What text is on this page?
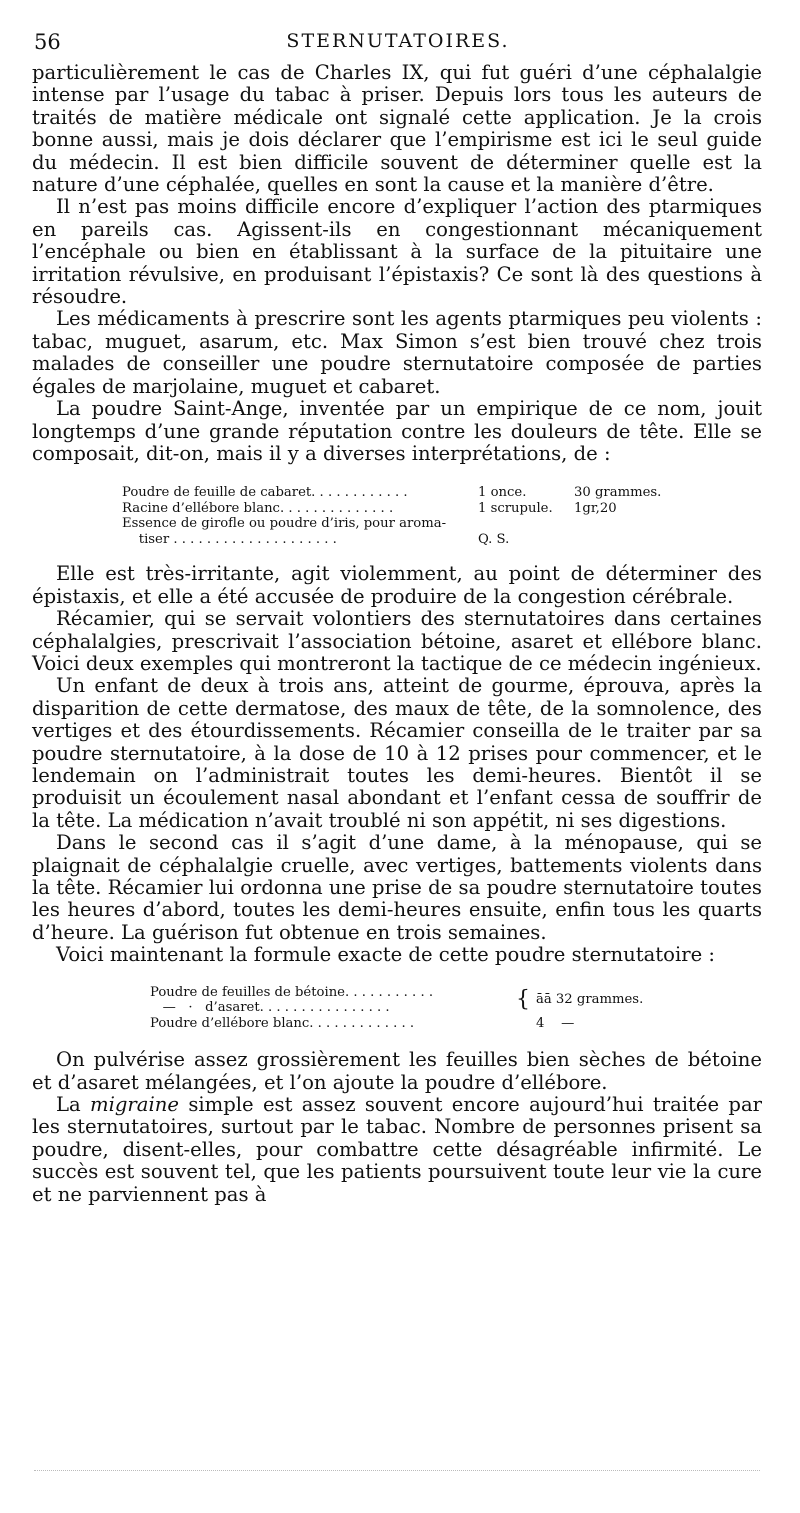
56	STERNUTATOIRES.

particulièrement le cas de Charles IX, qui fut guéri d’une céphalalgie intense par l’usage du tabac à priser. Depuis lors tous les auteurs de traités de matière médicale ont signalé cette application. Je la crois bonne aussi, mais je dois déclarer que l’empirisme est ici le seul guide du médecin. Il est bien difficile souvent de déterminer quelle est la nature d’une céphalée, quelles en sont la cause et la manière d’être.

Il n’est pas moins difficile encore d’expliquer l’action des ptarmiques en pareils cas. Agissent-ils en congestionnant mécaniquement l’encéphale ou bien en établissant à la surface de la pituitaire une irritation révulsive, en produisant l’épistaxis? Ce sont là des questions à résoudre.

Les médicaments à prescrire sont les agents ptarmiques peu violents : tabac, muguet, asarum, etc. Max Simon s’est bien trouvé chez trois malades de conseiller une poudre sternutatoire composée de parties égales de marjolaine, muguet et cabaret.

La poudre Saint-Ange, inventée par un empirique de ce nom, jouit longtemps d’une grande réputation contre les douleurs de tête. Elle se composait, dit-on, mais il y a diverses interprétations, de :

Poudre de feuille de cabaret. . . . . . . . . . . .	1 once.	30 grammes.
Racine d’ellébore blanc. . . . . . . . . . . . . .	1 scrupule.	1gr,20
Essence de girofle ou poudre d’iris, pour aroma-		
tiser . . . . . . . . . . . . . . . . . . . .	Q. S.	

Elle est très-irritante, agit violemment, au point de déterminer des épistaxis, et elle a été accusée de produire de la congestion cérébrale.

Récamier, qui se servait volontiers des sternutatoires dans certaines céphalalgies, prescrivait l’association bétoine, asaret et ellébore blanc. Voici deux exemples qui montreront la tactique de ce médecin ingénieux.

Un enfant de deux à trois ans, atteint de gourme, éprouva, après la disparition de cette dermatose, des maux de tête, de la somnolence, des vertiges et des étourdissements. Récamier conseilla de le traiter par sa poudre sternutatoire, à la dose de 10 à 12 prises pour commencer, et le lendemain on l’administrait toutes les demi-heures. Bientôt il se produisit un écoulement nasal abondant et l’enfant cessa de souffrir de la tête. La médication n’avait troublé ni son appétit, ni ses digestions.

Dans le second cas il s’agit d’une dame, à la ménopause, qui se plaignait de céphalalgie cruelle, avec vertiges, battements violents dans la tête. Récamier lui ordonna une prise de sa poudre sternutatoire toutes les heures d’abord, toutes les demi-heures ensuite, enfin tous les quarts d’heure. La guérison fut obtenue en trois semaines.

Voici maintenant la formule exacte de cette poudre sternutatoire :

Poudre de feuilles de bétoine. . . . . . . . . . .	{	āā 32 grammes.
—   ·   d’asaret. . . . . . . . . . . . . . . .		
Poudre d’ellébore blanc. . . . . . . . . . . . .		4    —

On pulvérise assez grossièrement les feuilles bien sèches de bétoine et d’asaret mélangées, et l’on ajoute la poudre d’ellébore.

La migraine simple est assez souvent encore aujourd’hui traitée par les sternutatoires, surtout par le tabac. Nombre de personnes prisent sa poudre, disent-elles, pour combattre cette désagréable infirmité. Le succès est souvent tel, que les patients poursuivent toute leur vie la cure et ne parviennent pas à
